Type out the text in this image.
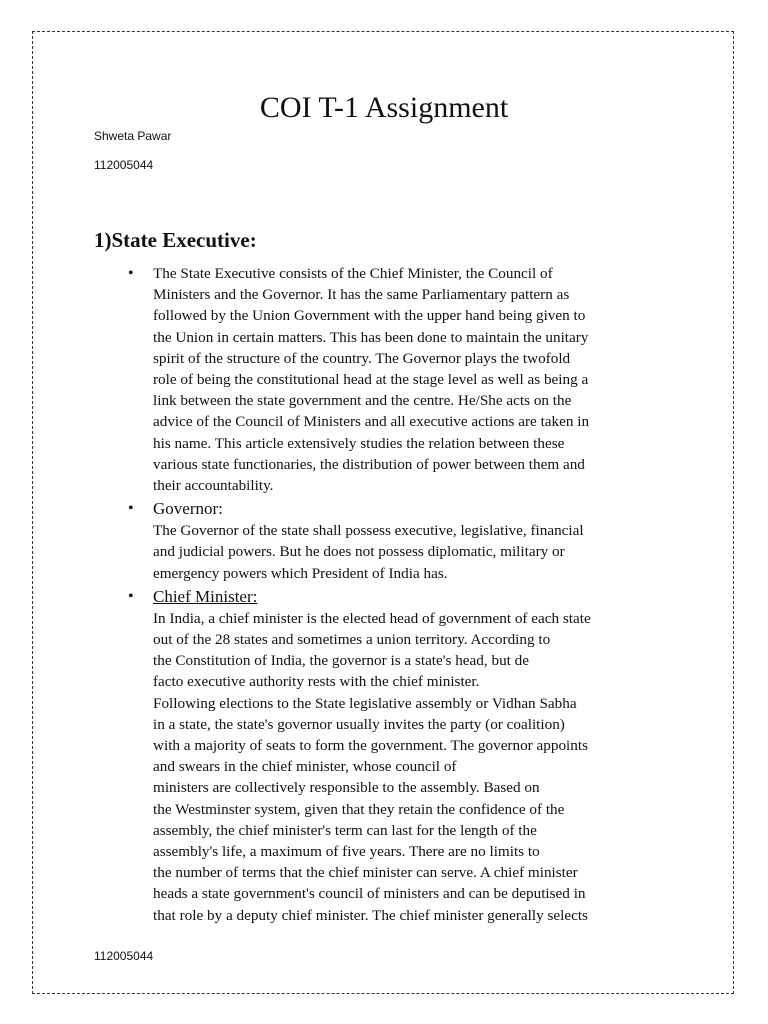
COI T-1 Assignment
Shweta Pawar
112005044
1)State Executive:
• The State Executive consists of the Chief Minister, the Council of

Ministers and the Governor. It has the same Parliamentary pattern as

followed by the Union Government with the upper hand being given to

the Union in certain matters. This has been done to maintain the unitary

spirit of the structure of the country. The Governor plays the twofold

role of being the constitutional head at the stage level as well as being a

link between the state government and the centre. He/She acts on the

advice of the Council of Ministers and all executive actions are taken in

his name. This article extensively studies the relation between these

various state functionaries, the distribution of power between them and

their accountability.

• Governor:

The Governor of the state shall possess executive, legislative, financial

and judicial powers. But he does not possess diplomatic, military or

emergency powers which President of India has.

• Chief Minister:

In India, a chief minister is the elected head of government of each state

out of the 28 states and sometimes a union territory. According to

the Constitution of India, the governor is a state's head, but de

facto executive authority rests with the chief minister.

Following elections to the State legislative assembly or Vidhan Sabha

in a state, the state's governor usually invites the party (or coalition)

with a majority of seats to form the government. The governor appoints

and swears in the chief minister, whose council of

ministers are collectively responsible to the assembly. Based on

the Westminster system, given that they retain the confidence of the

assembly, the chief minister's term can last for the length of the

assembly's life, a maximum of five years. There are no limits to

the number of terms that the chief minister can serve. A chief minister

heads a state government's council of ministers and can be deputised in

that role by a deputy chief minister. The chief minister generally selects

112005044
